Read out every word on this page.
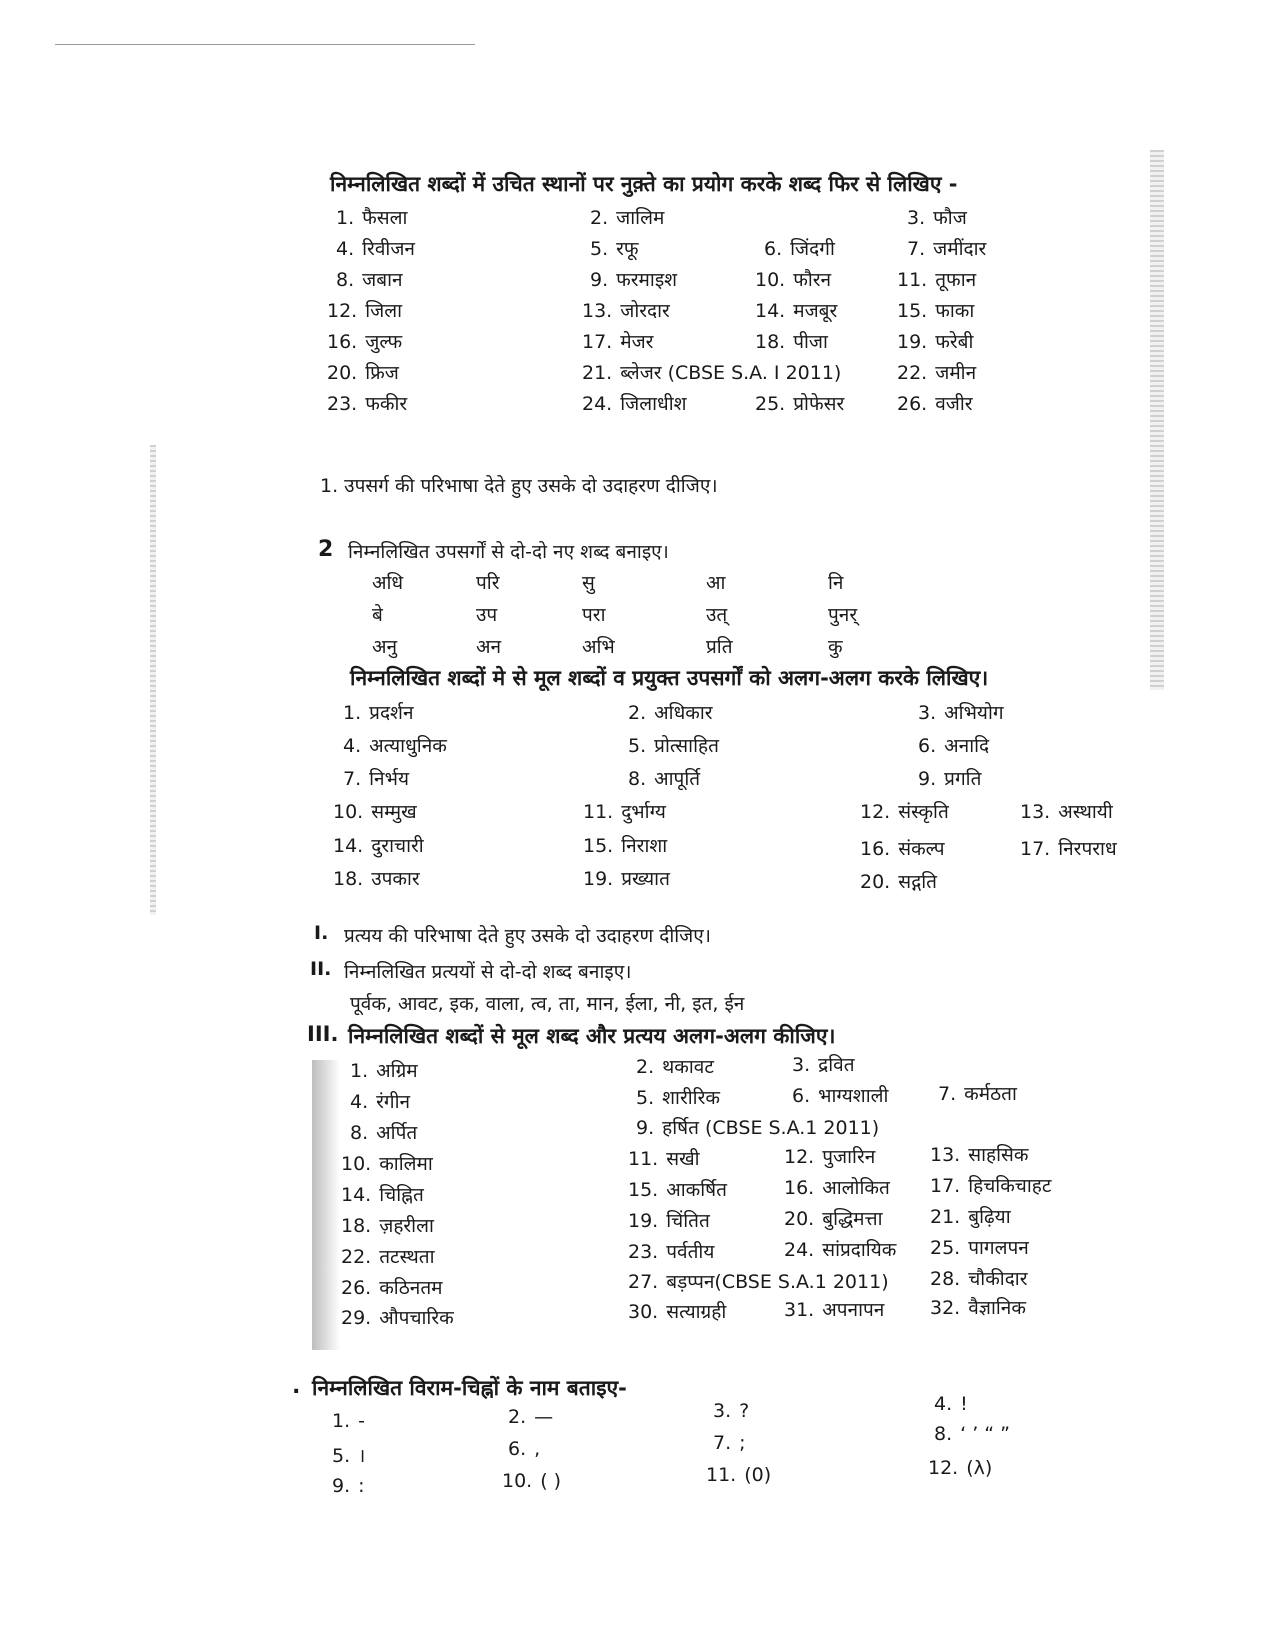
निम्नलिखित शब्दों में उचित स्थानों पर नुक़्ते का प्रयोग करके शब्द फिर से लिखिए -
1. फैसला	2. जालिम	3. फौज
4. रिवीजन	5. रफू	6. जिंदगी	7. जमींदार
8. जबान	9. फरमाइश	10. फौरन	11. तूफान
12. जिला	13. जोरदार	14. मजबूर	15. फाका
16. जुल्फ	17. मेजर	18. पीजा	19. फरेबी
20. फ्रिज	21. ब्लेजर (CBSE S.A. I 2011)	22. जमीन
23. फकीर	24. जिलाधीश	25. प्रोफेसर	26. वजीर
1. उपसर्ग की परिभाषा देते हुए उसके दो उदाहरण दीजिए।
2 निम्नलिखित उपसर्गों से दो-दो नए शब्द बनाइए।
अधि	परि	सु	आ	नि
बे	उप	परा	उत्	पुनर्
अनु	अन	अभि	प्रति	कु
निम्नलिखित शब्दों मे से मूल शब्दों व प्रयुक्त उपसर्गों को अलग-अलग करके लिखिए।
1. प्रदर्शन	2. अधिकार	3. अभियोग
4. अत्याधुनिक	5. प्रोत्साहित	6. अनादि
7. निर्भय	8. आपूर्ति	9. प्रगति
10. सम्मुख	11. दुर्भाग्य	12. संस्कृति	13. अस्थायी
14. दुराचारी	15. निराशा	16. संकल्प	17. निरपराध
18. उपकार	19. प्रख्यात	20. सद्गति
I. प्रत्यय की परिभाषा देते हुए उसके दो उदाहरण दीजिए।
II. निम्नलिखित प्रत्ययों से दो-दो शब्द बनाइए।
पूर्वक, आवट, इक, वाला, त्व, ता, मान, ईला, नी, इत, ईन
III. निम्नलिखित शब्दों से मूल शब्द और प्रत्यय अलग-अलग कीजिए।
1. अग्रिम	2. थकावट	3. द्रवित
4. रंगीन	5. शारीरिक	6. भाग्यशाली	7. कर्मठता
8. अर्पित	9. हर्षित (CBSE S.A.1 2011)
10. कालिमा	11. सखी	12. पुजारिन	13. साहसिक
14. चिह्नित	15. आकर्षित	16. आलोकित 17. हिचकिचाहट
18. ज़हरीला	19. चिंतित	20. बुद्धिमत्ता 21. बुढ़िया
22. तटस्थता	23. पर्वतीय	24. सांप्रदायिक 25. पागलपन
26. कठिनतम	27. बड़प्पन(CBSE S.A.1 2011) 28. चौकीदार
29. औपचारिक	30. सत्याग्रही	31. अपनापन 32. वैज्ञानिक
. निम्नलिखित विराम-चिह्नों के नाम बताइए-
1. -	2. —	3. ?	4. !
5. ।	6. ,	7. ;	8. ‘ ’ “ ”
9. :	10. ( )	11. (0)	12. (λ)
